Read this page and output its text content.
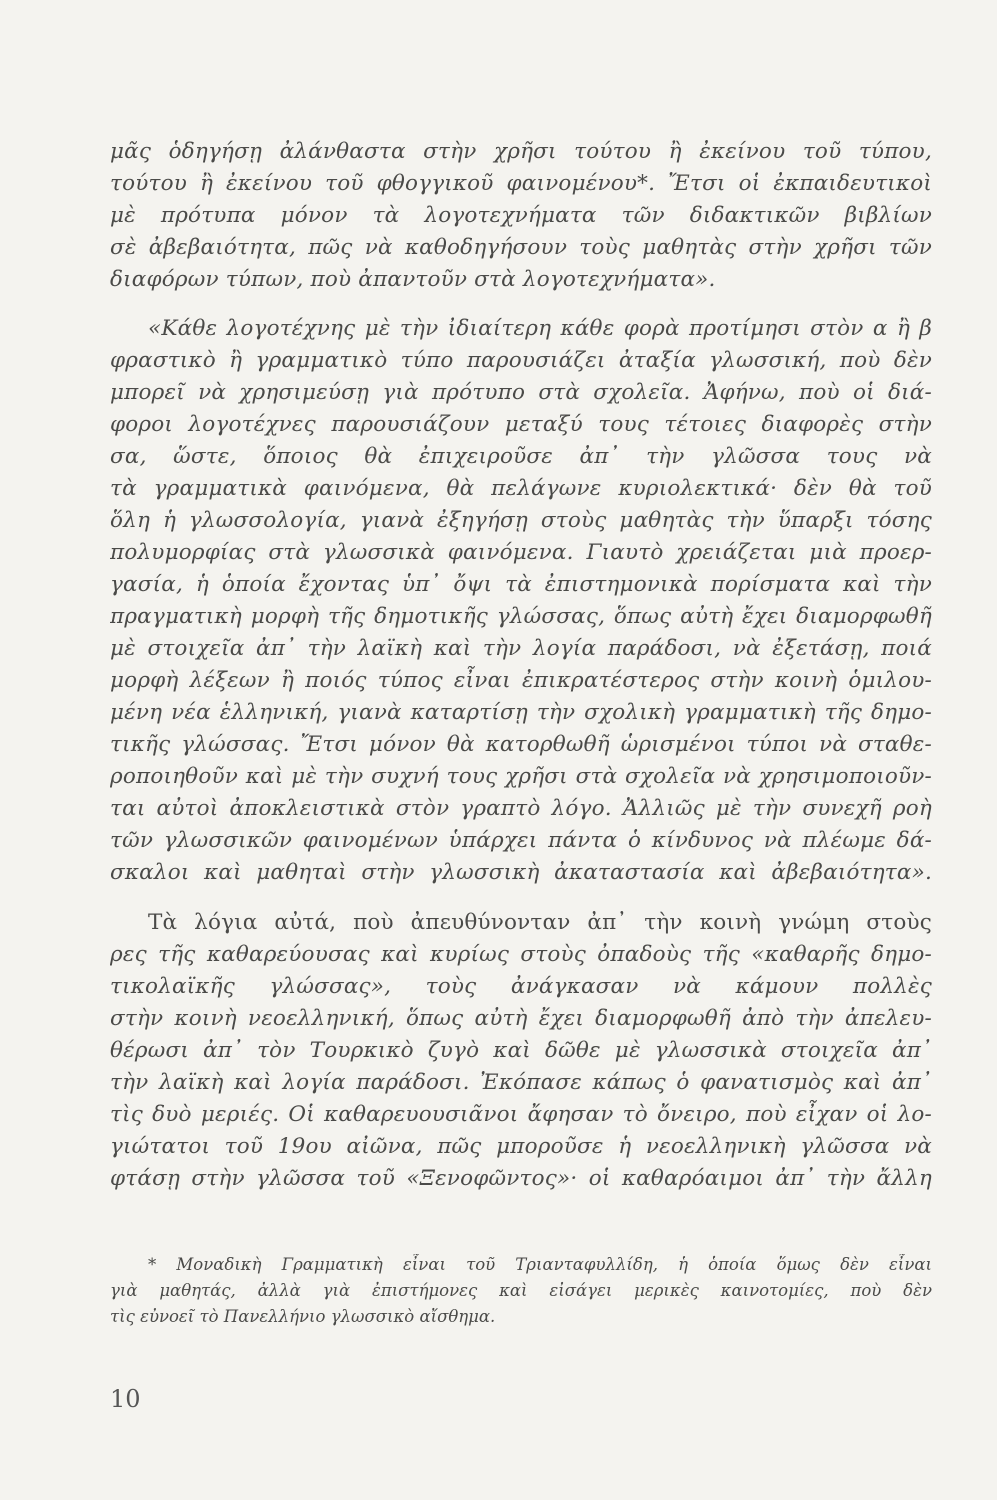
μᾶς ὁδηγήσῃ ἀλάνθαστα στὴν χρῆσι τούτου ἢ ἐκείνου τοῦ τύπου,
τούτου ἢ ἐκείνου τοῦ φθογγικοῦ φαινομένου*. Ἔτσι οἱ ἐκπαιδευτικοὶ
μὲ πρότυπα μόνον τὰ λογοτεχνήματα τῶν διδακτικῶν βιβλίων
σὲ ἀβεβαιότητα, πῶς νὰ καθοδηγήσουν τοὺς μαθητὰς στὴν χρῆσι τῶν
διαφόρων τύπων, ποὺ ἀπαντοῦν στὰ λογοτεχνήματα».
«Κάθε λογοτέχνης μὲ τὴν ἰδιαίτερη κάθε φορὰ προτίμησι στὸν α ἢ β
φραστικὸ ἢ γραμματικὸ τύπο παρουσιάζει ἀταξία γλωσσική, ποὺ δὲν
μπορεῖ νὰ χρησιμεύσῃ γιὰ πρότυπο στὰ σχολεῖα. Ἀφήνω, ποὺ οἱ διά-
φοροι λογοτέχνες παρουσιάζουν μεταξύ τους τέτοιες διαφορὲς στὴν
σα, ὥστε, ὅποιος θὰ ἐπιχειροῦσε ἀπ᾽ τὴν γλῶσσα τους νὰ
τὰ γραμματικὰ φαινόμενα, θὰ πελάγωνε κυριολεκτικά· δὲν θὰ τοῦ
ὅλη ἡ γλωσσολογία, γιανὰ ἐξηγήσῃ στοὺς μαθητὰς τὴν ὕπαρξι τόσης
πολυμορφίας στὰ γλωσσικὰ φαινόμενα. Γιαυτὸ χρειάζεται μιὰ προερ-
γασία, ἡ ὁποία ἔχοντας ὑπ᾽ ὄψι τὰ ἐπιστημονικὰ πορίσματα καὶ τὴν
πραγματικὴ μορφὴ τῆς δημοτικῆς γλώσσας, ὅπως αὐτὴ ἔχει διαμορφωθῆ
μὲ στοιχεῖα ἀπ᾽ τὴν λαϊκὴ καὶ τὴν λογία παράδοσι, νὰ ἐξετάσῃ, ποιά
μορφὴ λέξεων ἢ ποιός τύπος εἶναι ἐπικρατέστερος στὴν κοινὴ ὁμιλου-
μένη νέα ἑλληνική, γιανὰ καταρτίσῃ τὴν σχολικὴ γραμματικὴ τῆς δημο-
τικῆς γλώσσας. Ἔτσι μόνον θὰ κατορθωθῆ ὡρισμένοι τύποι νὰ σταθε-
ροποιηθοῦν καὶ μὲ τὴν συχνή τους χρῆσι στὰ σχολεῖα νὰ χρησιμοποιοῦν-
ται αὐτοὶ ἀποκλειστικὰ στὸν γραπτὸ λόγο. Ἀλλιῶς μὲ τὴν συνεχῆ ροὴ
τῶν γλωσσικῶν φαινομένων ὑπάρχει πάντα ὁ κίνδυνος νὰ πλέωμε δά-
σκαλοι καὶ μαθηταὶ στὴν γλωσσικὴ ἀκαταστασία καὶ ἀβεβαιότητα».
Τὰ λόγια αὐτά, ποὺ ἀπευθύνονταν ἀπ᾽ τὴν κοινὴ γνώμη στοὺς
ρες τῆς καθαρεύουσας καὶ κυρίως στοὺς ὀπαδοὺς τῆς «καθαρῆς δημο-
τικολαϊκῆς γλώσσας», τοὺς ἀνάγκασαν νὰ κάμουν πολλὲς
στὴν κοινὴ νεοελληνική, ὅπως αὐτὴ ἔχει διαμορφωθῆ ἀπὸ τὴν ἀπελευ-
θέρωσι ἀπ᾽ τὸν Τουρκικὸ ζυγὸ καὶ δῶθε μὲ γλωσσικὰ στοιχεῖα ἀπ᾽
τὴν λαϊκὴ καὶ λογία παράδοσι. Ἐκόπασε κάπως ὁ φανατισμὸς καὶ ἀπ᾽
τὶς δυὸ μεριές. Οἱ καθαρευουσιᾶνοι ἄφησαν τὸ ὄνειρο, ποὺ εἶχαν οἱ λο-
γιώτατοι τοῦ 19ου αἰῶνα, πῶς μποροῦσε ἡ νεοελληνικὴ γλῶσσα νὰ
φτάσῃ στὴν γλῶσσα τοῦ «Ξενοφῶντος»· οἱ καθαρόαιμοι ἀπ᾽ τὴν ἄλλη
* Μοναδικὴ Γραμματικὴ εἶναι τοῦ Τριανταφυλλίδη, ἡ ὁποία ὅμως δὲν εἶναι
γιὰ μαθητάς, ἀλλὰ γιὰ ἐπιστήμονες καὶ εἰσάγει μερικὲς καινοτομίες, ποὺ δὲν
τὶς εὐνοεῖ τὸ Πανελλήνιο γλωσσικὸ αἴσθημα.
10
